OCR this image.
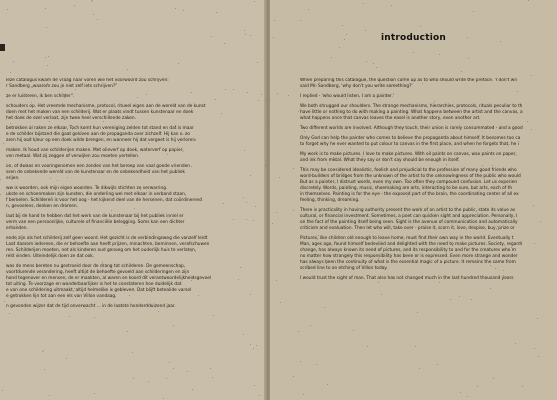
leze catalogus kwam de vraag naar voren wie het voorwoord zou schrijven:
r Sandberg „waarom zou je niet zelf iets schrijven?"
ze er luisteren, ik ben schilder".
schouders op. Het vreemde mechanisme, protocol, ritueel eigen aan de wereld van de kunst
doen met het maken van een schilderij. Wat er plaats vindt tussen kunstenaar en doek
het doek de ezel verlaat, zijn twee heel verschillende zaken.
betrokken al raken ze elkaar. Toch komt hun vereniging zelden tot stand en dat is maar
e de schilder bijstand die gaat geloven aan de propaganda over zichzelf. Hij kan o. zo
aren hij ooit kleur op een doek wilde brengen, en wanneer hij dat vergeet is hij verloren.
maken. Ik houd van schilderijen maken. Met olieverf op doek, waterverf op papier,
ven metaal. Wat zij zeggen of verwijlen zou moeten vertellen.
on, of dwaas en vooringenomen een zondes van het beroep van vaal goede vrienden
ssen de onbekende wereld van de kunstenaar en de onbekendheid van het publiek
erijen.
ww is woorden, ook mijn eigen woorden. Te dikwijls stichten ze verwarring.
ukste en schoenmaken zijn kunsten, die onderling wel met elkaar in verband staan,
f beroelen. Schilderen is voor het oog - het kijkend deel van de hersenen, dat coördinerend
n, gevoelens, denken en dromen.
laat bij de hand te hebben dat het werk van de kunstenaar bij het publiek inniel er
verm van een persoonlijke, culturele of financiële belegging. Soms kan een dichter
erhanden.
ende zijn als het schilderij zelf geen woord. Het gezicht is de verbindingsweg die vanzelf leidt
Laat daarom iedereen, die er behoefte aan heeft prijzen, minachten, beminnen, verafschuwen
ren. Schilderijen moeten, net als kinderen oud genoeg om het ouderlijk huis te verlaten,
reld vinden. Uiteindelijk doen ze dat ook.
was de mens bereten nu gestroeid door de drang tot schilderen. De gemeenschap,
voortdurende verandering, heeft altijd de behoefte gevoeld aan schilderingen en zijn
hond tegenover en mensen, de er maakten, al waren en koord dit verantwoordelijkheidsgevoel
tot uiting. Te voorzage en wonderbaarlijker is het te constateren hoe duidelijk dat
e van one schildering uitmaakt, altijd helmelike is gebleven. Dat blijft betealide varsel
e getrokken lijn tot aan een els van Villon vandaag.
n gevonden wijzer dat de tijd onverwacht ... in de laatste honderdduizend jaar.
introduction
When preparing this catalogue, the question came up as to who should write the preface. 'I don't wri
said Mr. Sandberg, 'why don't you write something?'
I replied - 'who would listen, I am a painter.'
We both shrugged our shoulders. The strange mechanisms, hierarchies, protocols, rituals peculiar to th
have little or nothing to do with making a painting. What happens between the artist and the canvas, a
what happens once that canvas leaves the easel is another story, even another art.
Two different worlds are involved. Although they touch, their union is rarely consummated - and a good
Only God can help the painter who comes to believe the propaganda about himself. It becomes too ca
to forget why he ever wanted to put colour to canvas in the first place, and when he forgets that, he i
My work is to make pictures. I love to make pictures. With oil paints on canvas, wax paints on paper,
and ink from metal. What they say or don't say should be enough in itself.
This may be considered idealistic, foolish and prejudicial to the profession of many good friends who
word-builders of bridges from the unknown of the artist to the unknowingness of the public who would
But as a painter, I distrust words, even my own. Too often they compound confusion. Let us experien
discretely. Words, painting, music, shoemaking are arts, interacting to be sure, but arts, each of th
in themselves. Painting is for the eye - the exposed part of the brain, the coordinating center of all ex
feeling, thinking, dreaming.
There is practicality in having authority present the work of an artist to the public, state its value as
cultural, or financial investment. Sometimes, a poet can quicken sight and appreciation. Personally, I
on the fact of the painting itself being seen. Sight is the avenue of communication and automatically
criticism and evaluation. Then let who will, take over - praise it, scorn it, love, despise, buy, prize or
Pictures, like children old enough to leave home, must find their own way in the world. Eventually t
Man, ages ago, found himself bedeviled and delighted with the need to make pictures. Society, regardl
change, has always known its need of pictures, and its responsibility to and for the creatures who m
no matter how strangely this responsibility has been or is expressed. Even more strange and wonder
has always been the continuity of what is the essential magic of a picture. It remains the same from
scribed line to an etching of Villon today.
I would trust the sight of man. That also has not changed much in the last hundred thousand years
